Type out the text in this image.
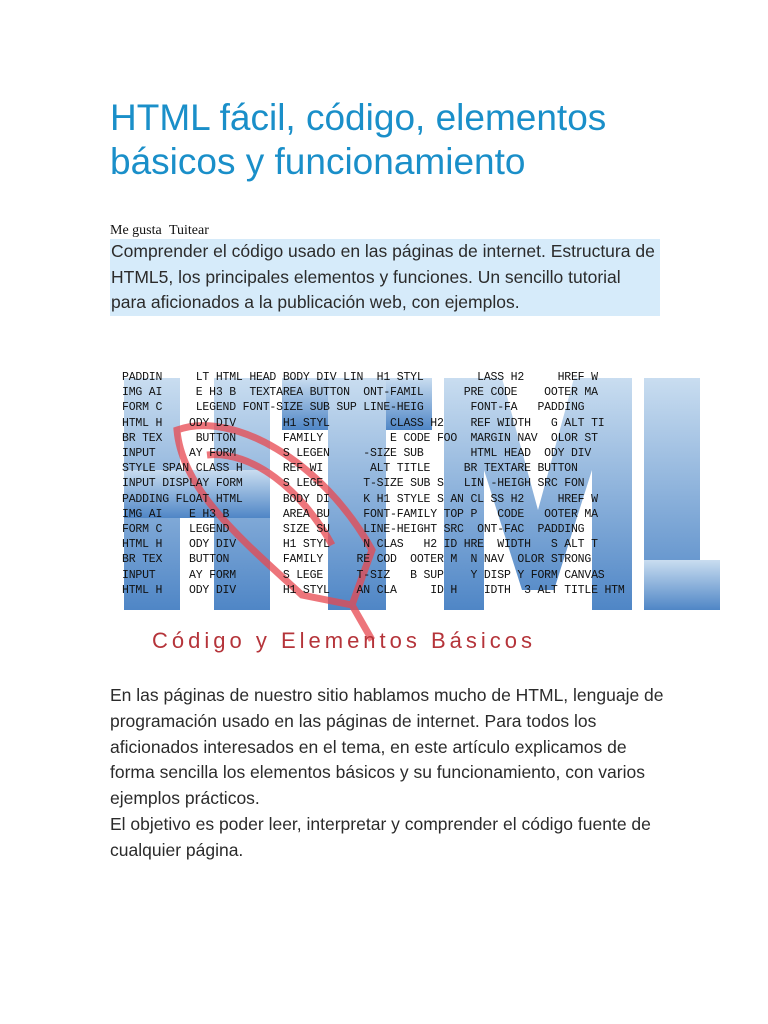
HTML fácil, código, elementos
básicos y funcionamiento
Me gusta Tuitear
Comprender el código usado en las páginas de internet. Estructura de HTML5, los principales elementos y funciones. Un sencillo tutorial para aficionados a la publicación web, con ejemplos.
PADDIN     LT HTML HEAD BODY DIV LIN  H1 STYL        LASS H2     HREF W
IMG AI     E H3 B  TEXTAREA BUTTON  ONT-FAMIL      PRE CODE    OOTER MA
FORM C     LEGEND FONT-SIZE SUB SUP LINE-HEIG       FONT-FA   PADDING
HTML H    ODY DIV       H1 STYL         CLASS H2    REF WIDTH   G ALT TI
BR TEX     BUTTON       FAMILY          E CODE FOO  MARGIN NAV  OLOR ST
INPUT     AY FORM       S LEGEN     -SIZE SUB       HTML HEAD  ODY DIV
STYLE SPAN CLASS H      REF WI       ALT TITLE     BR TEXTARE BUTTON
INPUT DISPLAY FORM      S LEGE      T-SIZE SUB S   LIN -HEIGH SRC FON
PADDING FLOAT HTML      BODY DI     K H1 STYLE S AN CL SS H2     HREF W
IMG AI    E H3 B        AREA BU     FONT-FAMILY TOP P   CODE   OOTER MA
FORM C    LEGEND        SIZE SU     LINE-HEIGHT SRC  ONT-FAC  PADDING
HTML H    ODY DIV       H1 STYL     N CLAS   H2 ID HRE  WIDTH   S ALT T
BR TEX    BUTTON        FAMILY     RE COD  OOTER M  N NAV  OLOR STRONG
INPUT     AY FORM       S LEGE     T-SIZ   B SUP    Y DISP Y FORM CANVAS
HTML H    ODY DIV       H1 STYL    AN CLA     ID H    IDTH  3 ALT TITLE HTM
Código y Elementos Básicos

En las páginas de nuestro sitio hablamos mucho de HTML, lenguaje de programación usado en las páginas de internet. Para todos los aficionados interesados en el tema, en este artículo explicamos de forma sencilla los elementos básicos y su funcionamiento, con varios ejemplos prácticos.

El objetivo es poder leer, interpretar y comprender el código fuente de cualquier página.
